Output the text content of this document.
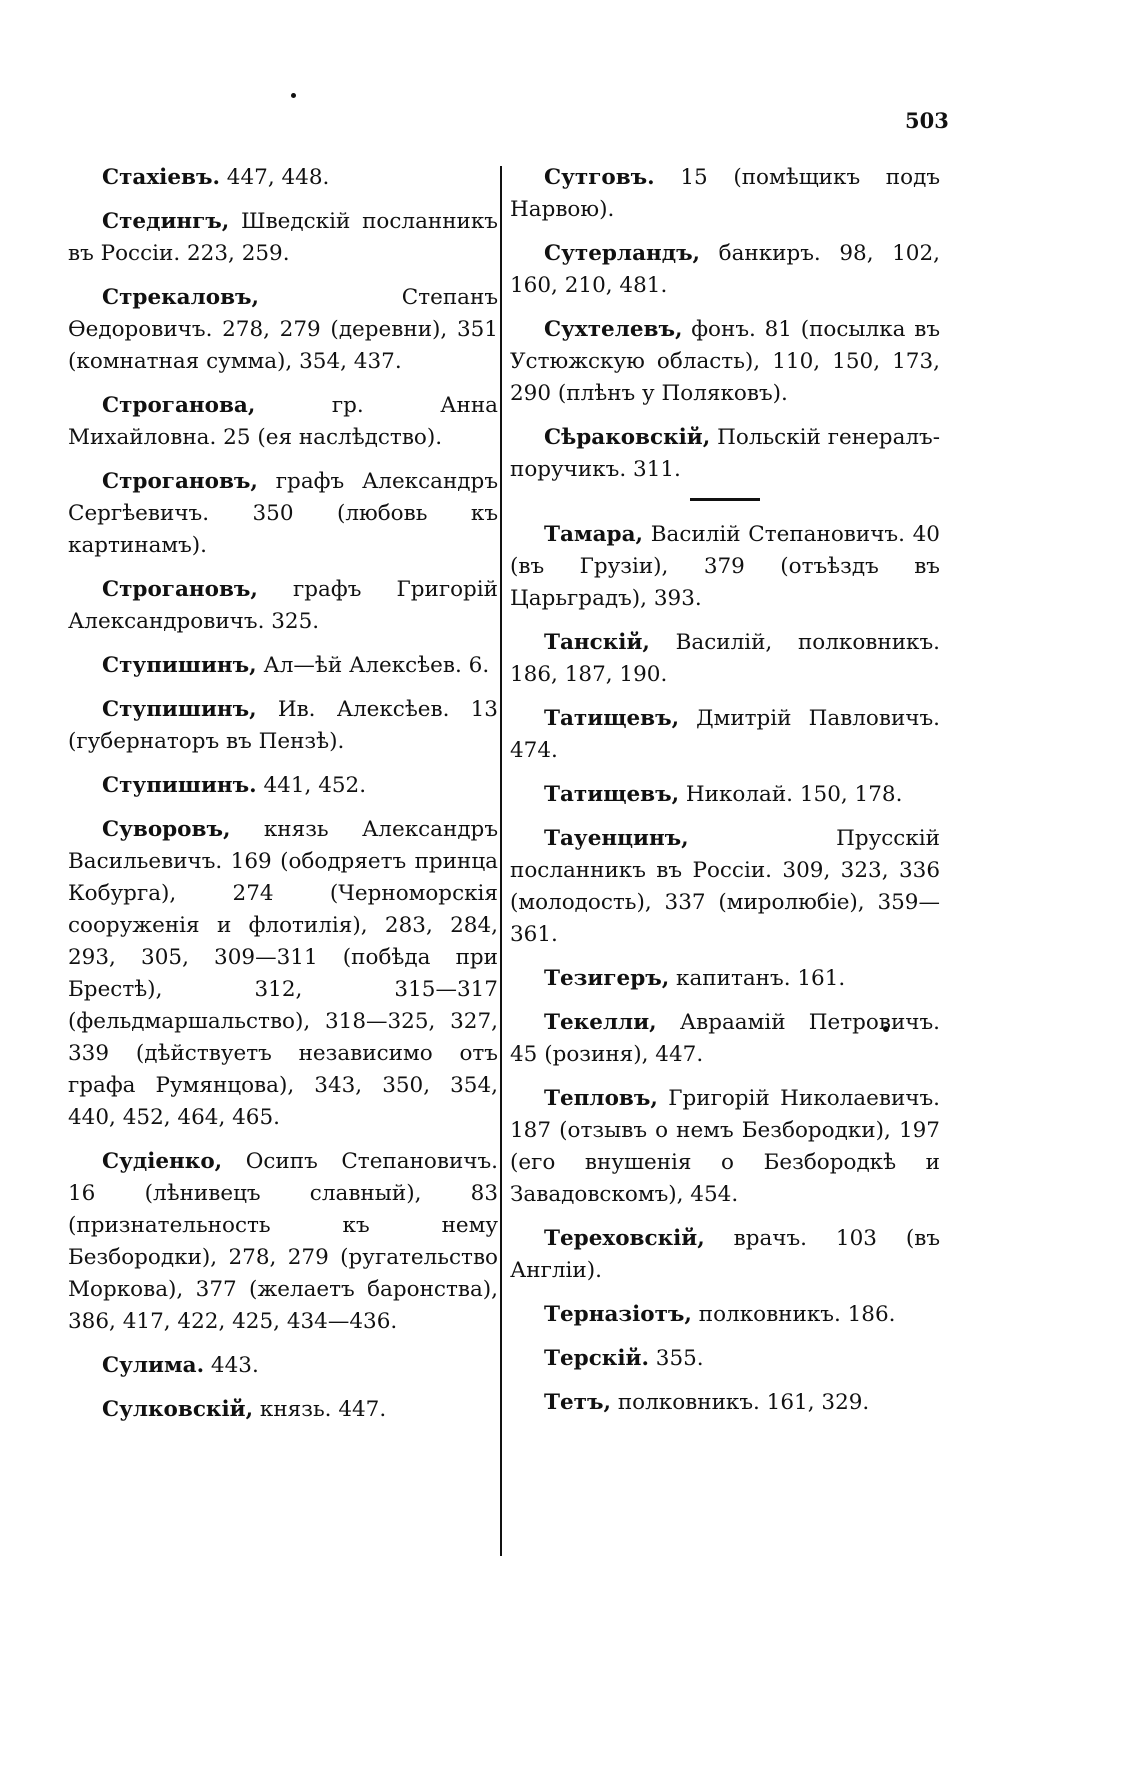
503

Стахіевъ. 447, 448.

Стедингъ, Шведскій посланникъ въ Россіи. 223, 259.

Стрекаловъ, Степанъ Ѳедоровичъ. 278, 279 (деревни), 351 (комнатная сумма), 354, 437.

Строганова, гр. Анна Михайловна. 25 (ея наслѣдство).

Строгановъ, графъ Александръ Сергѣевичъ. 350 (любовь къ картинамъ).

Строгановъ, графъ Григорій Александровичъ. 325.

Ступишинъ, Ал—ѣй Алексѣев. 6.

Ступишинъ, Ив. Алексѣев. 13 (губернаторъ въ Пензѣ).

Ступишинъ. 441, 452.

Суворовъ, князь Александръ Васильевичъ. 169 (ободряетъ принца Кобурга), 274 (Черноморскія сооруженія и флотилія), 283, 284, 293, 305, 309—311 (побѣда при Брестѣ), 312, 315—317 (фельдмаршальство), 318—325, 327, 339 (дѣйствуетъ независимо отъ графа Румянцова), 343, 350, 354, 440, 452, 464, 465.

Судіенко, Осипъ Степановичъ. 16 (лѣнивецъ славный), 83 (признательность къ нему Безбородки), 278, 279 (ругательство Моркова), 377 (желаетъ баронства), 386, 417, 422, 425, 434—436.

Сулима. 443.

Сулковскій, князь. 447.

Сутговъ. 15 (помѣщикъ подъ Нарвою).

Сутерландъ, банкиръ. 98, 102, 160, 210, 481.

Сухтелевъ, фонъ. 81 (посылка въ Устюжскую область), 110, 150, 173, 290 (плѣнъ у Поляковъ).

Сѣраковскій, Польскій генералъ-поручикъ. 311.

Тамара, Василій Степановичъ. 40 (въ Грузіи), 379 (отъѣздъ въ Царьградъ), 393.

Танскій, Василій, полковникъ. 186, 187, 190.

Татищевъ, Дмитрій Павловичъ. 474.

Татищевъ, Николай. 150, 178.

Тауенцинъ, Прусскій посланникъ въ Россіи. 309, 323, 336 (молодость), 337 (миролюбіе), 359—361.

Тезигеръ, капитанъ. 161.

Текелли, Авраамій Петровичъ. 45 (розиня), 447.

Тепловъ, Григорій Николаевичъ. 187 (отзывъ о немъ Безбородки), 197 (его внушенія о Безбородкѣ и Завадовскомъ), 454.

Тереховскій, врачъ. 103 (въ Англіи).

Терназіотъ, полковникъ. 186.

Терскій. 355.

Тетъ, полковникъ. 161, 329.
